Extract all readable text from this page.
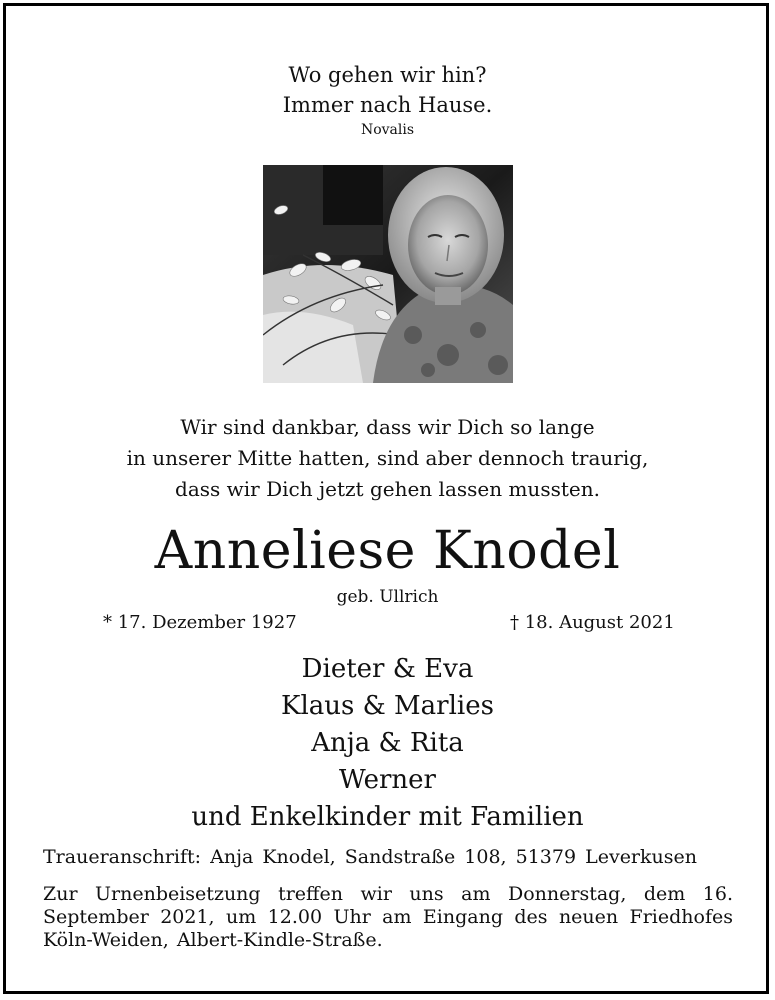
Wo gehen wir hin?
Immer nach Hause.
Novalis
Wir sind dankbar, dass wir Dich so lange
in unserer Mitte hatten, sind aber dennoch traurig,
dass wir Dich jetzt gehen lassen mussten.
Anneliese Knodel
geb. Ullrich
* 17. Dezember 1927	† 18. August 2021
Dieter & Eva
Klaus & Marlies
Anja & Rita
Werner
und Enkelkinder mit Familien
Traueranschrift: Anja Knodel, Sandstraße 108, 51379 Leverkusen
Zur Urnenbeisetzung treffen wir uns am Donnerstag, dem 16. September 2021, um 12.00 Uhr am Eingang des neuen Friedhofes Köln-Weiden, Albert-Kindle-Straße.
